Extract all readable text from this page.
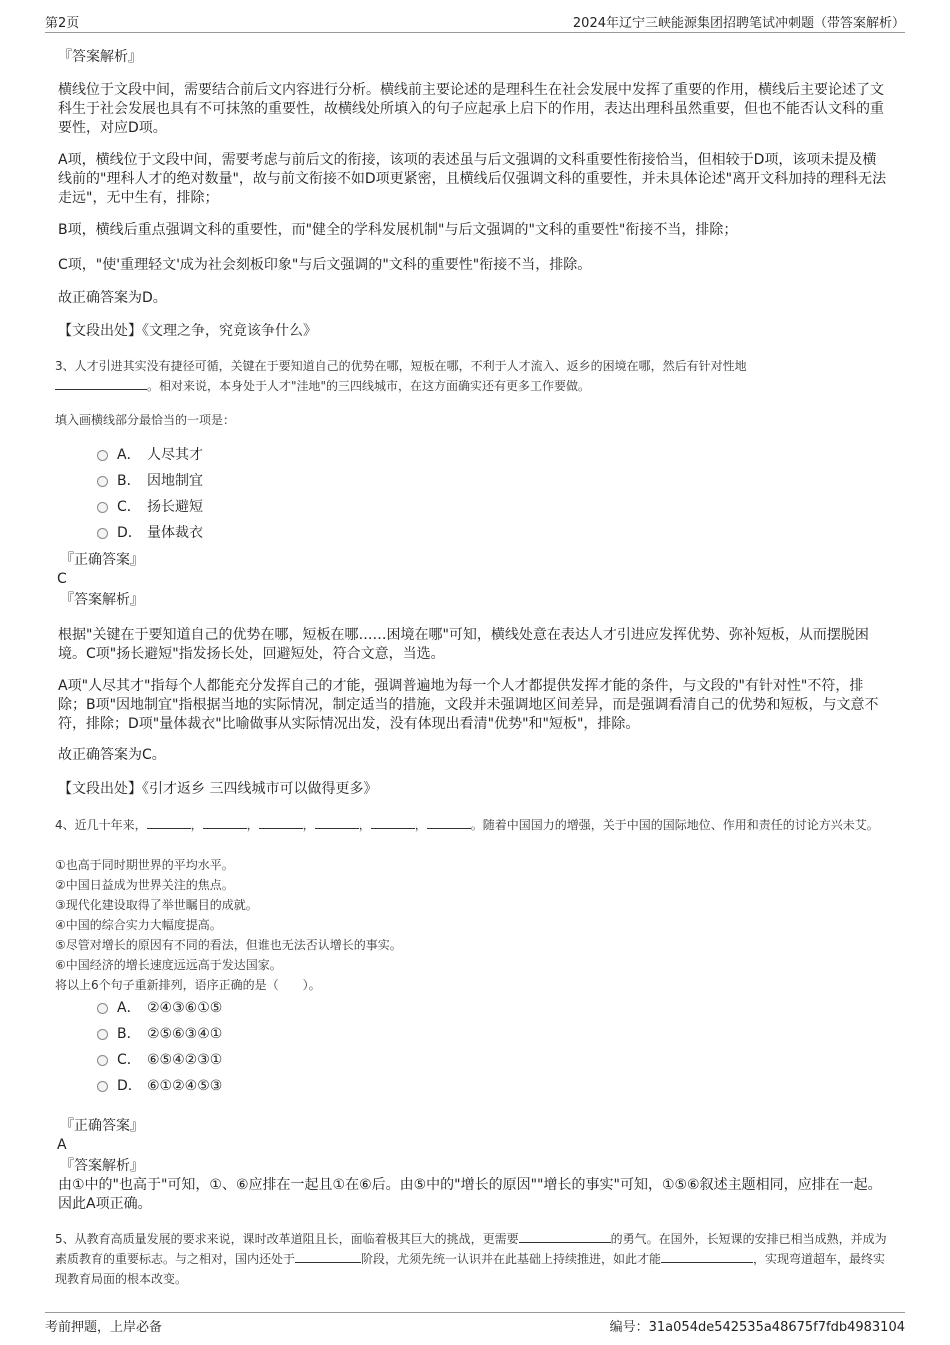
第2页	2024年辽宁三峡能源集团招聘笔试冲刺题（带答案解析）
『答案解析』
横线位于文段中间，需要结合前后文内容进行分析。横线前主要论述的是理科生在社会发展中发挥了重要的作用，横线后主要论述了文科生于社会发展也具有不可抹煞的重要性，故横线处所填入的句子应起承上启下的作用，表达出理科虽然重要，但也不能否认文科的重要性，对应D项。
A项，横线位于文段中间，需要考虑与前后文的衔接，该项的表述虽与后文强调的文科重要性衔接恰当，但相较于D项，该项未提及横线前的"理科人才的绝对数量"，故与前文衔接不如D项更紧密，且横线后仅强调文科的重要性，并未具体论述"离开文科加持的理科无法走远"，无中生有，排除；
B项，横线后重点强调文科的重要性，而"健全的学科发展机制"与后文强调的"文科的重要性"衔接不当，排除；
C项，"使'重理轻文'成为社会刻板印象"与后文强调的"文科的重要性"衔接不当，排除。
故正确答案为D。
【文段出处】《文理之争，究竟该争什么》
3、人才引进其实没有捷径可循，关键在于要知道自己的优势在哪，短板在哪，不利于人才流入、返乡的困境在哪，然后有针对性地
。相对来说，本身处于人才"洼地"的三四线城市，在这方面确实还有更多工作要做。
填入画横线部分最恰当的一项是：
A． 人尽其才
B． 因地制宜
C． 扬长避短
D． 量体裁衣
『正确答案』
C
『答案解析』
根据"关键在于要知道自己的优势在哪，短板在哪……困境在哪"可知，横线处意在表达人才引进应发挥优势、弥补短板，从而摆脱困境。C项"扬长避短"指发扬长处，回避短处，符合文意，当选。
A项"人尽其才"指每个人都能充分发挥自己的才能，强调普遍地为每一个人才都提供发挥才能的条件，与文段的"有针对性"不符，排除；B项"因地制宜"指根据当地的实际情况，制定适当的措施，文段并未强调地区间差异，而是强调看清自己的优势和短板，与文意不符，排除；D项"量体裁衣"比喻做事从实际情况出发，没有体现出看清"优势"和"短板"，排除。
故正确答案为C。
【文段出处】《引才返乡 三四线城市可以做得更多》
4、近几十年来，	，	，	，	，	，	。随着中国国力的增强，关于中国的国际地位、作用和责任的讨论方兴未艾。
①也高于同时期世界的平均水平。
②中国日益成为世界关注的焦点。
③现代化建设取得了举世瞩目的成就。
④中国的综合实力大幅度提高。
⑤尽管对增长的原因有不同的看法，但谁也无法否认增长的事实。
⑥中国经济的增长速度远远高于发达国家。
将以上6个句子重新排列，语序正确的是（　　）。
A． ②④③⑥①⑤
B． ②⑤⑥③④①
C． ⑥⑤④②③①
D． ⑥①②④⑤③
『正确答案』
A
『答案解析』
由①中的"也高于"可知，①、⑥应排在一起且①在⑥后。由⑤中的"增长的原因""增长的事实"可知，①⑤⑥叙述主题相同，应排在一起。因此A项正确。
5、从教育高质量发展的要求来说，课时改革道阻且长，面临着极其巨大的挑战，更需要	的勇气。在国外，长短课的安排已相当成熟，并成为素质教育的重要标志。与之相对，国内还处于	阶段，尤须先统一认识并在此基础上持续推进，如此才能	，实现弯道超车，最终实现教育局面的根本改变。
考前押题，上岸必备	编号：31a054de542535a48675f7fdb4983104
